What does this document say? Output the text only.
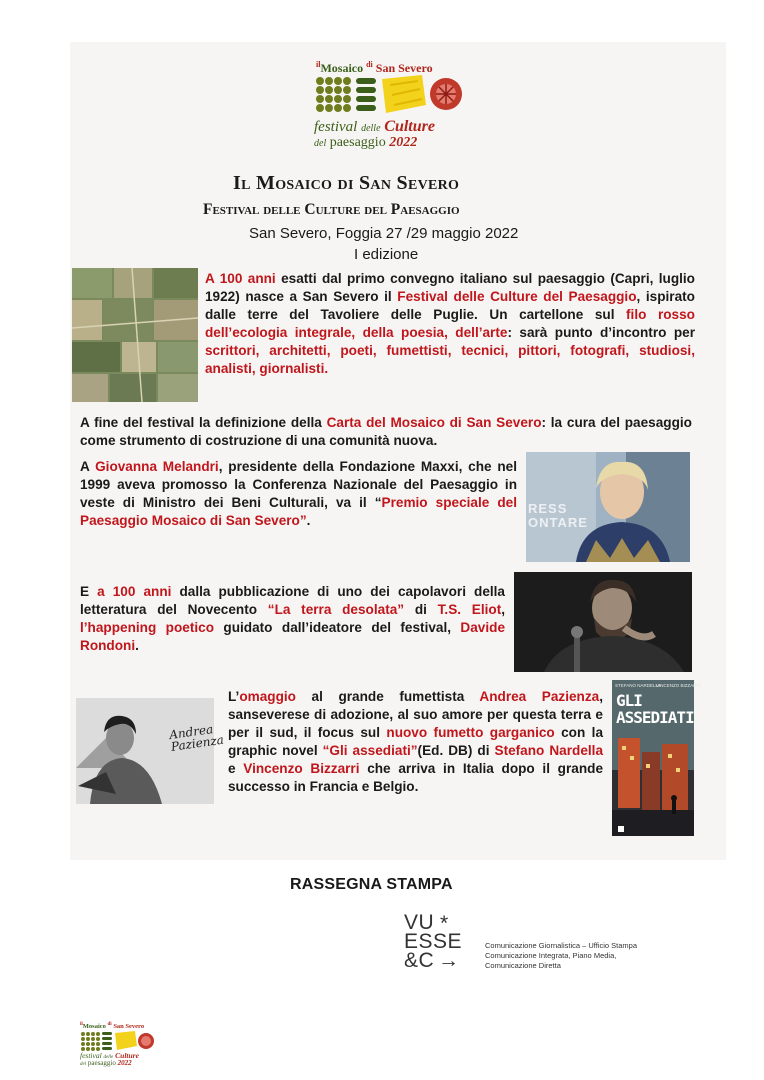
$^{il}$Mosaico $^{di}$ San Severo
festival delle Culture
del paesaggio 2022
Il Mosaico di San Severo
Festival delle Culture del Paesaggio
San Severo, Foggia 27 /29 maggio 2022
I edizione
A 100 anni esatti dal primo convegno italiano sul paesaggio (Capri, luglio 1922) nasce a San Severo il Festival delle Culture del Paesaggio, ispirato dalle terre del Tavoliere delle Puglie. Un cartellone sul filo rosso dell’ecologia integrale, della poesia, dell’arte: sarà punto d’incontro per scrittori, architetti, poeti, fumettisti, tecnici, pittori, fotografi, studiosi, analisti, giornalisti.
A fine del festival la definizione della Carta del Mosaico di San Severo: la cura del paesaggio come strumento di costruzione di una comunità nuova.
A Giovanna Melandri, presidente della Fondazione Maxxi, che nel 1999 aveva promosso la Conferenza Nazionale del Paesaggio in veste di Ministro dei Beni Culturali, va il “Premio speciale del Paesaggio Mosaico di San Severo”.
RESS ONTARE
E a 100 anni dalla pubblicazione di uno dei capolavori della letteratura del Novecento “La terra desolata” di T.S. Eliot, l’happening poetico guidato dall’ideatore del festival, Davide Rondoni.
Andrea Pazienza
L’omaggio al grande fumettista Andrea Pazienza, sanseverese di adozione, al suo amore per questa terra e per il sud, il focus sul nuovo fumetto garganico con la graphic novel “Gli assediati”(Ed. DB) di Stefano Nardella e Vincenzo Bizzarri che arriva in Italia dopo il grande successo in Francia e Belgio.
STEFANO NARDELLA
VINCENZO BIZZARRI
GLI ASSEDIATI
RASSEGNA STAMPA
VU *
ESSE
&C →
Comunicazione Giornalistica – Ufficio Stampa
Comunicazione Integrata, Piano Media,
Comunicazione Diretta
$^{il}$Mosaico $^{di}$ San Severo
festival delle Culture
del paesaggio 2022
